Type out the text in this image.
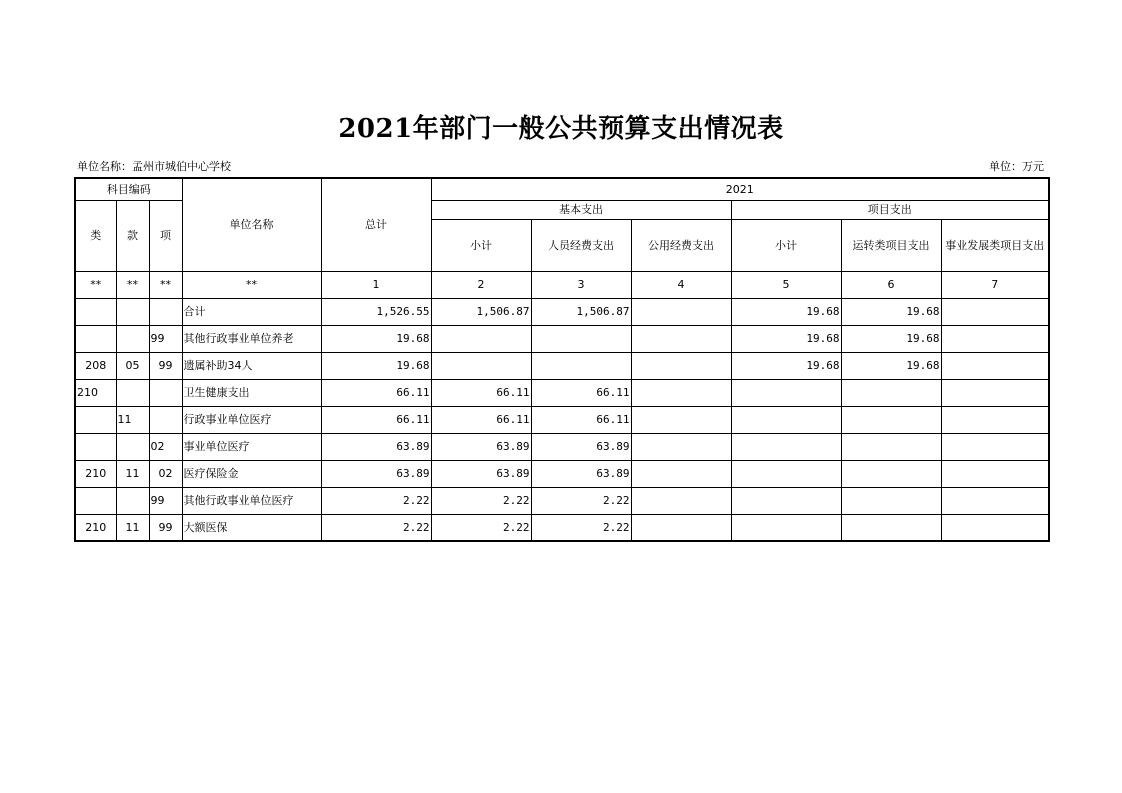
2021年部门一般公共预算支出情况表
单位名称：孟州市城伯中心学校	单位：万元
科目编码			单位名称	总计	2021					
类	款	项			基本支出			项目支出		
					小计	人员经费支出	公用经费支出	小计	运转类项目支出	事业发展类项目支出
**	**	**	**	1	2	3	4	5	6	7
			合计	1,526.55	1,506.87	1,506.87		19.68	19.68	
		99	其他行政事业单位养老	19.68				19.68	19.68	
208	05	99	遗属补助34人	19.68				19.68	19.68	
210			卫生健康支出	66.11	66.11	66.11				
	11		行政事业单位医疗	66.11	66.11	66.11				
		02	事业单位医疗	63.89	63.89	63.89				
210	11	02	医疗保险金	63.89	63.89	63.89				
		99	其他行政事业单位医疗	2.22	2.22	2.22				
210	11	99	大额医保	2.22	2.22	2.22				
